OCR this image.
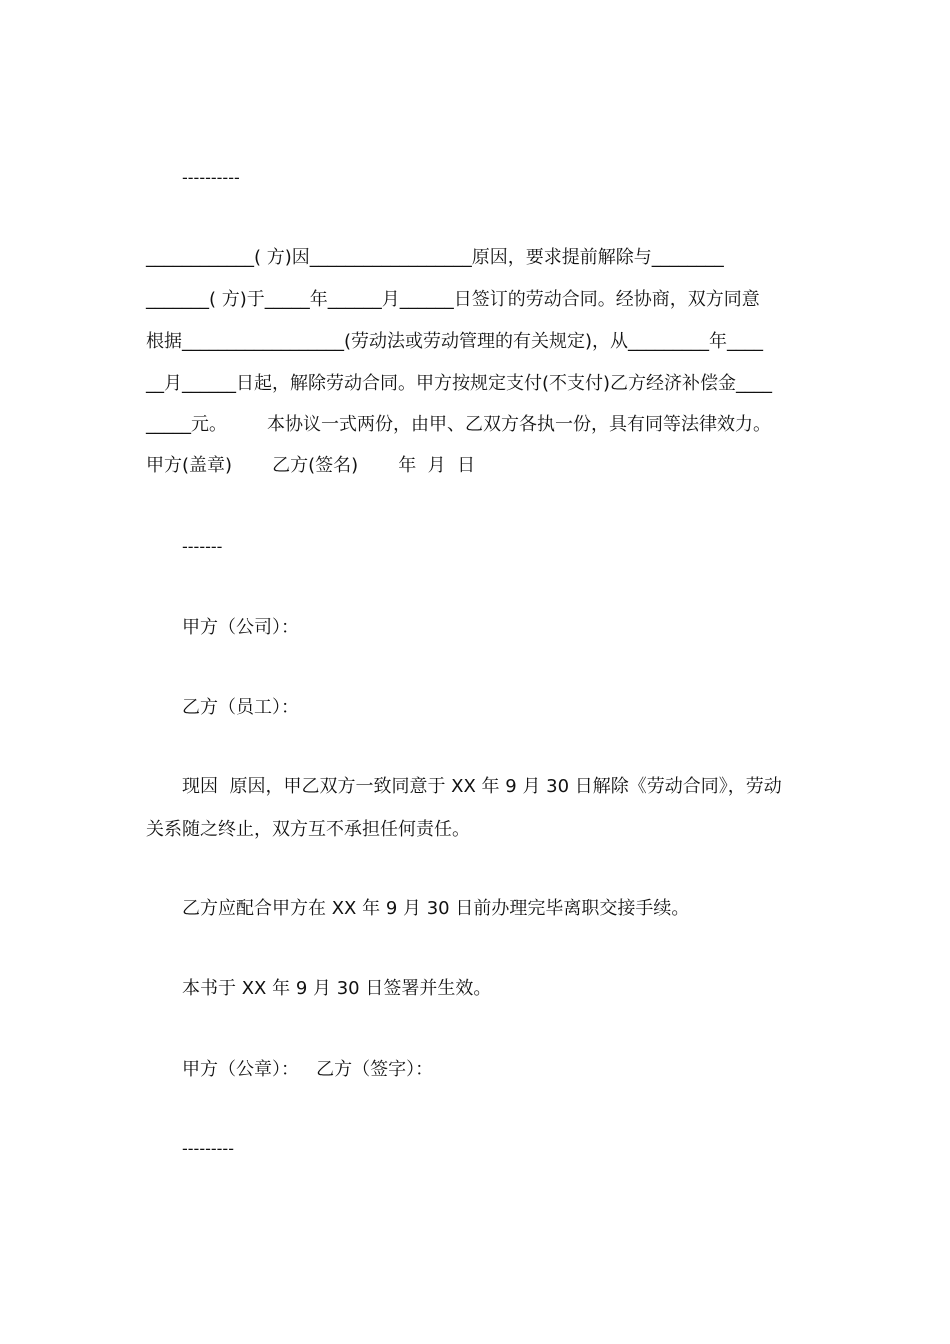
----------
____________( 方)因__________________原因，要求提前解除与________
_______( 方)于_____年______月______日签订的劳动合同。经协商，双方同意
根据__________________(劳动法或劳动管理的有关规定)，从_________年____
__月______日起，解除劳动合同。甲方按规定支付(不支付)乙方经济补偿金____
_____元。       本协议一式两份，由甲、乙双方各执一份，具有同等法律效力。
甲方(盖章)       乙方(签名)       年  月  日
-------
甲方（公司）：
乙方（员工）：
现因  原因，甲乙双方一致同意于 XX 年 9 月 30 日解除《劳动合同》，劳动
关系随之终止，双方互不承担任何责任。
乙方应配合甲方在 XX 年 9 月 30 日前办理完毕离职交接手续。
本书于 XX 年 9 月 30 日签署并生效。
甲方（公章）：   乙方（签字）：
---------
